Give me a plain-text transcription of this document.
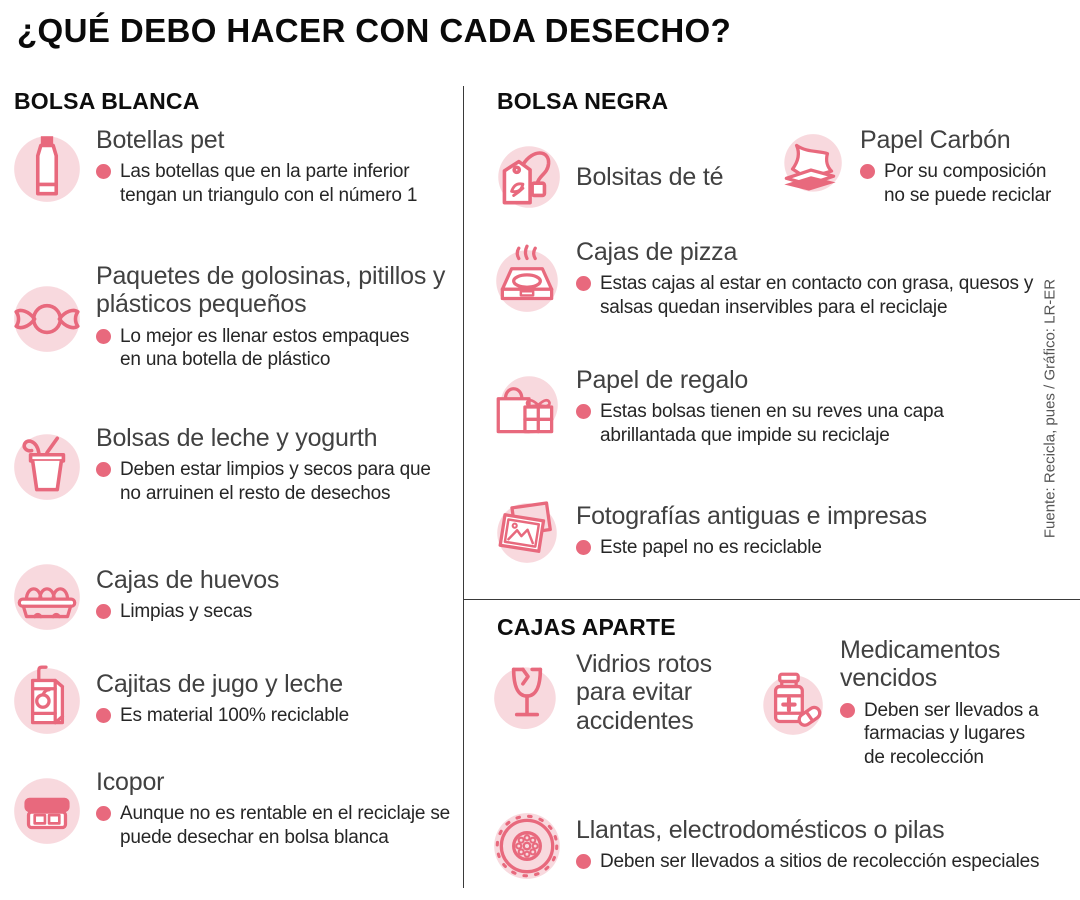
¿QUÉ DEBO HACER CON CADA DESECHO?
BOLSA BLANCA	BOLSA NEGRA
CAJAS APARTE
Botellas pet
Las botellas que en la parte inferior tengan un triangulo con el número 1
Paquetes de golosinas, pitillos y plásticos pequeños
Lo mejor es llenar estos empaques en una botella de plástico
Bolsas de leche y yogurth
Deben estar limpios y secos para que no arruinen el resto de desechos
Cajas de huevos
Limpias y secas
Cajitas de jugo y leche
Es material 100% reciclable
Icopor
Aunque no es rentable en el reciclaje se puede desechar en bolsa blanca
Bolsitas de té
Papel Carbón
Por su composición no se puede reciclar
Cajas de pizza
Estas cajas al estar en contacto con grasa, quesos y salsas quedan inservibles para el reciclaje
Papel de regalo
Estas bolsas tienen en su reves una capa abrillantada que impide su reciclaje
Fotografías antiguas e impresas
Este papel no es reciclable
Vidrios rotos para evitar accidentes
Medicamentos vencidos
Deben ser llevados a farmacias y lugares de recolección
Llantas, electrodomésticos o pilas
Deben ser llevados a sitios de recolección especiales
Fuente: Recicla, pues / Gráfico: LR-ER
